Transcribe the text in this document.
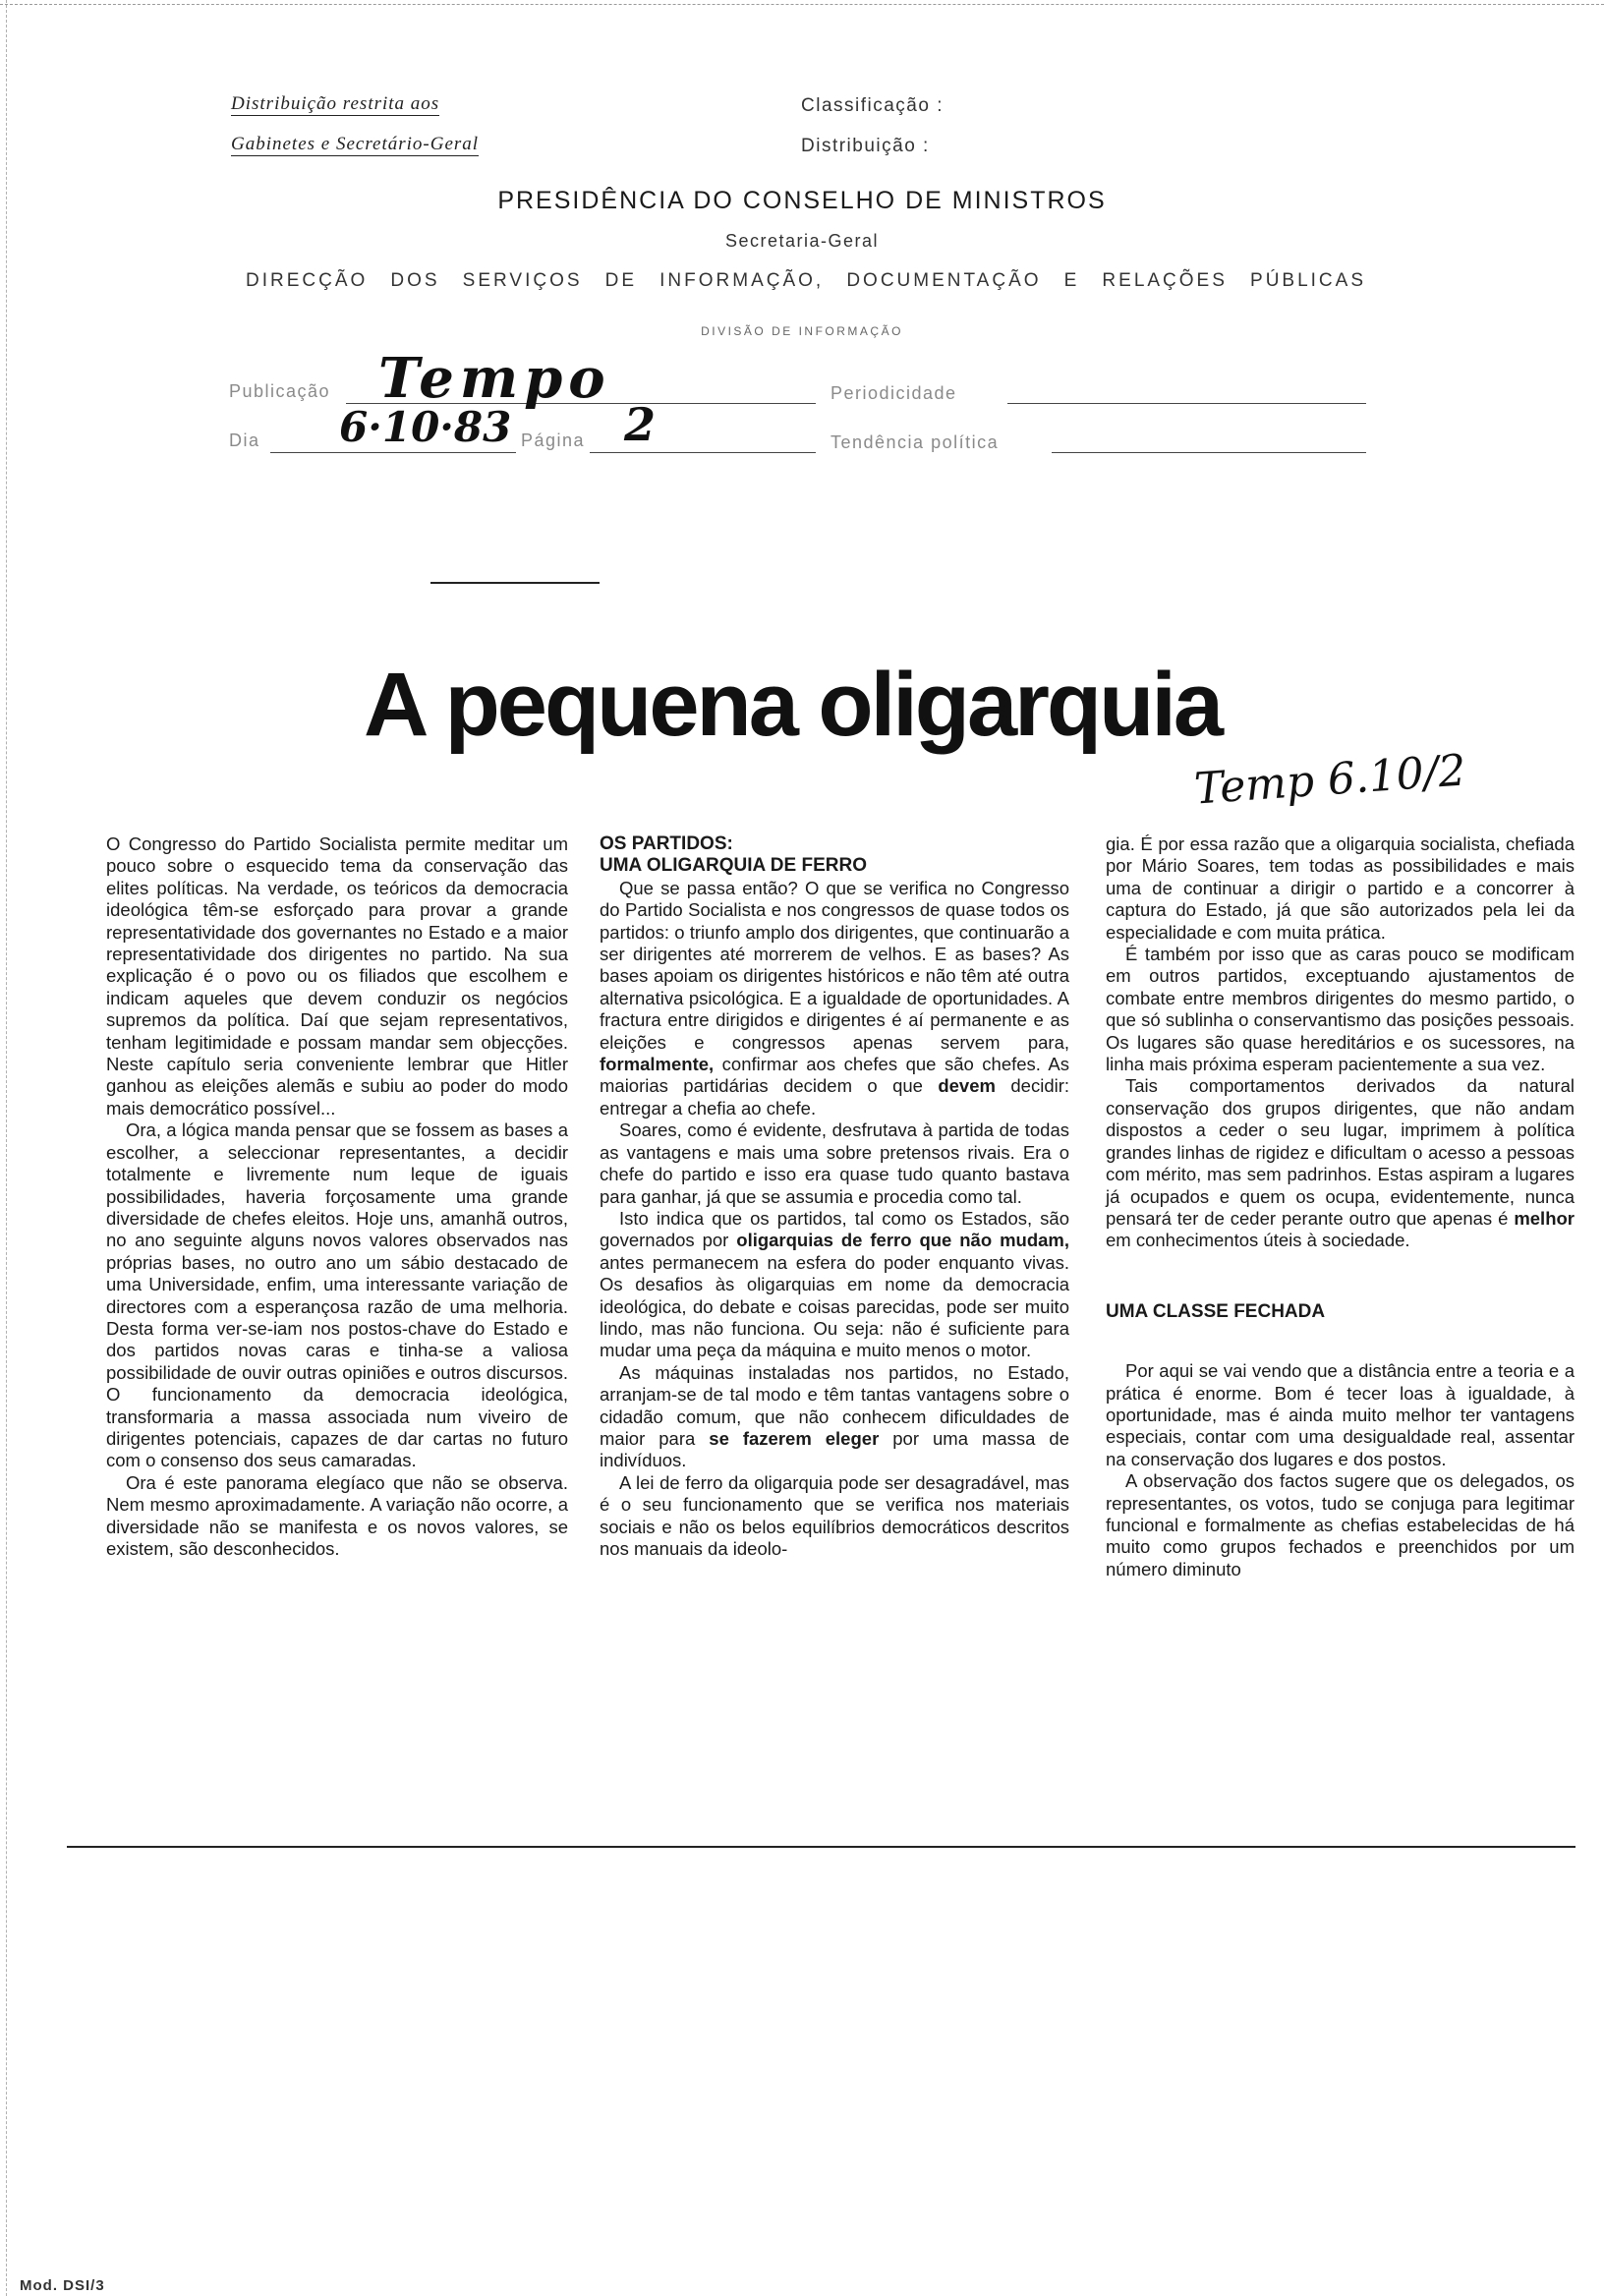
Distribuição restrita aos
Gabinetes e Secretário-Geral
Classificação :
Distribuição :
PRESIDÊNCIA DO CONSELHO DE MINISTROS
Secretaria-Geral
DIRECÇÃO DOS SERVIÇOS DE INFORMAÇÃO, DOCUMENTAÇÃO E RELAÇÕES PÚBLICAS
DIVISÃO DE INFORMAÇÃO
Publicação Tempo	Periodicidade
Dia 6·10·83 Página 2	Tendência política
A pequena oligarquia
Temp 6.10/2

O Congresso do Partido Socialista permite meditar um pouco sobre o esquecido tema da conservação das elites políticas. Na verdade, os teóricos da democracia ideológica têm-se esforçado para provar a grande representatividade dos governantes no Estado e a maior representatividade dos dirigentes no partido. Na sua explicação é o povo ou os filiados que escolhem e indicam aqueles que devem conduzir os negócios supremos da política. Daí que sejam representativos, tenham legitimidade e possam mandar sem objecções. Neste capítulo seria conveniente lembrar que Hitler ganhou as eleições alemãs e subiu ao poder do modo mais democrático possível...

Ora, a lógica manda pensar que se fossem as bases a escolher, a seleccionar representantes, a decidir totalmente e livremente num leque de iguais possibilidades, haveria forçosamente uma grande diversidade de chefes eleitos. Hoje uns, amanhã outros, no ano seguinte alguns novos valores observados nas próprias bases, no outro ano um sábio destacado de uma Universidade, enfim, uma interessante variação de directores com a esperançosa razão de uma melhoria. Desta forma ver-se-iam nos postos-chave do Estado e dos partidos novas caras e tinha-se a valiosa possibilidade de ouvir outras opiniões e outros discursos. O funcionamento da democracia ideológica, transformaria a massa associada num viveiro de dirigentes potenciais, capazes de dar cartas no futuro com o consenso dos seus camaradas.

Ora é este panorama elegíaco que não se observa. Nem mesmo aproximadamente. A variação não ocorre, a diversidade não se manifesta e os novos valores, se existem, são desconhecidos.

OS PARTIDOS:

UMA OLIGARQUIA DE FERRO

Que se passa então? O que se verifica no Congresso do Partido Socialista e nos congressos de quase todos os partidos: o triunfo amplo dos dirigentes, que continuarão a ser dirigentes até morrerem de velhos. E as bases? As bases apoiam os dirigentes históricos e não têm até outra alternativa psicológica. E a igualdade de oportunidades. A fractura entre dirigidos e dirigentes é aí permanente e as eleições e congressos apenas servem para, formalmente, confirmar aos chefes que são chefes. As maiorias partidárias decidem o que devem decidir: entregar a chefia ao chefe.

Soares, como é evidente, desfrutava à partida de todas as vantagens e mais uma sobre pretensos rivais. Era o chefe do partido e isso era quase tudo quanto bastava para ganhar, já que se assumia e procedia como tal.

Isto indica que os partidos, tal como os Estados, são governados por oligarquias de ferro que não mudam, antes permanecem na esfera do poder enquanto vivas. Os desafios às oligarquias em nome da democracia ideológica, do debate e coisas parecidas, pode ser muito lindo, mas não funciona. Ou seja: não é suficiente para mudar uma peça da máquina e muito menos o motor.

As máquinas instaladas nos partidos, no Estado, arranjam-se de tal modo e têm tantas vantagens sobre o cidadão comum, que não conhecem dificuldades de maior para se fazerem eleger por uma massa de indivíduos.

A lei de ferro da oligarquia pode ser desagradável, mas é o seu funcionamento que se verifica nos materiais sociais e não os belos equilíbrios democráticos descritos nos manuais da ideolo-

gia. É por essa razão que a oligarquia socialista, chefiada por Mário Soares, tem todas as possibilidades e mais uma de continuar a dirigir o partido e a concorrer à captura do Estado, já que são autorizados pela lei da especialidade e com muita prática.

É também por isso que as caras pouco se modificam em outros partidos, exceptuando ajustamentos de combate entre membros dirigentes do mesmo partido, o que só sublinha o conservantismo das posições pessoais. Os lugares são quase hereditários e os sucessores, na linha mais próxima esperam pacientemente a sua vez.

Tais comportamentos derivados da natural conservação dos grupos dirigentes, que não andam dispostos a ceder o seu lugar, imprimem à política grandes linhas de rigidez e dificultam o acesso a pessoas com mérito, mas sem padrinhos. Estas aspiram a lugares já ocupados e quem os ocupa, evidentemente, nunca pensará ter de ceder perante outro que apenas é melhor em conhecimentos úteis à sociedade.

UMA CLASSE FECHADA

Por aqui se vai vendo que a distância entre a teoria e a prática é enorme. Bom é tecer loas à igualdade, à oportunidade, mas é ainda muito melhor ter vantagens especiais, contar com uma desigualdade real, assentar na conservação dos lugares e dos postos.

A observação dos factos sugere que os delegados, os representantes, os votos, tudo se conjuga para legitimar funcional e formalmente as chefias estabelecidas de há muito como grupos fechados e preenchidos por um número diminuto

Mod. DSI/3
